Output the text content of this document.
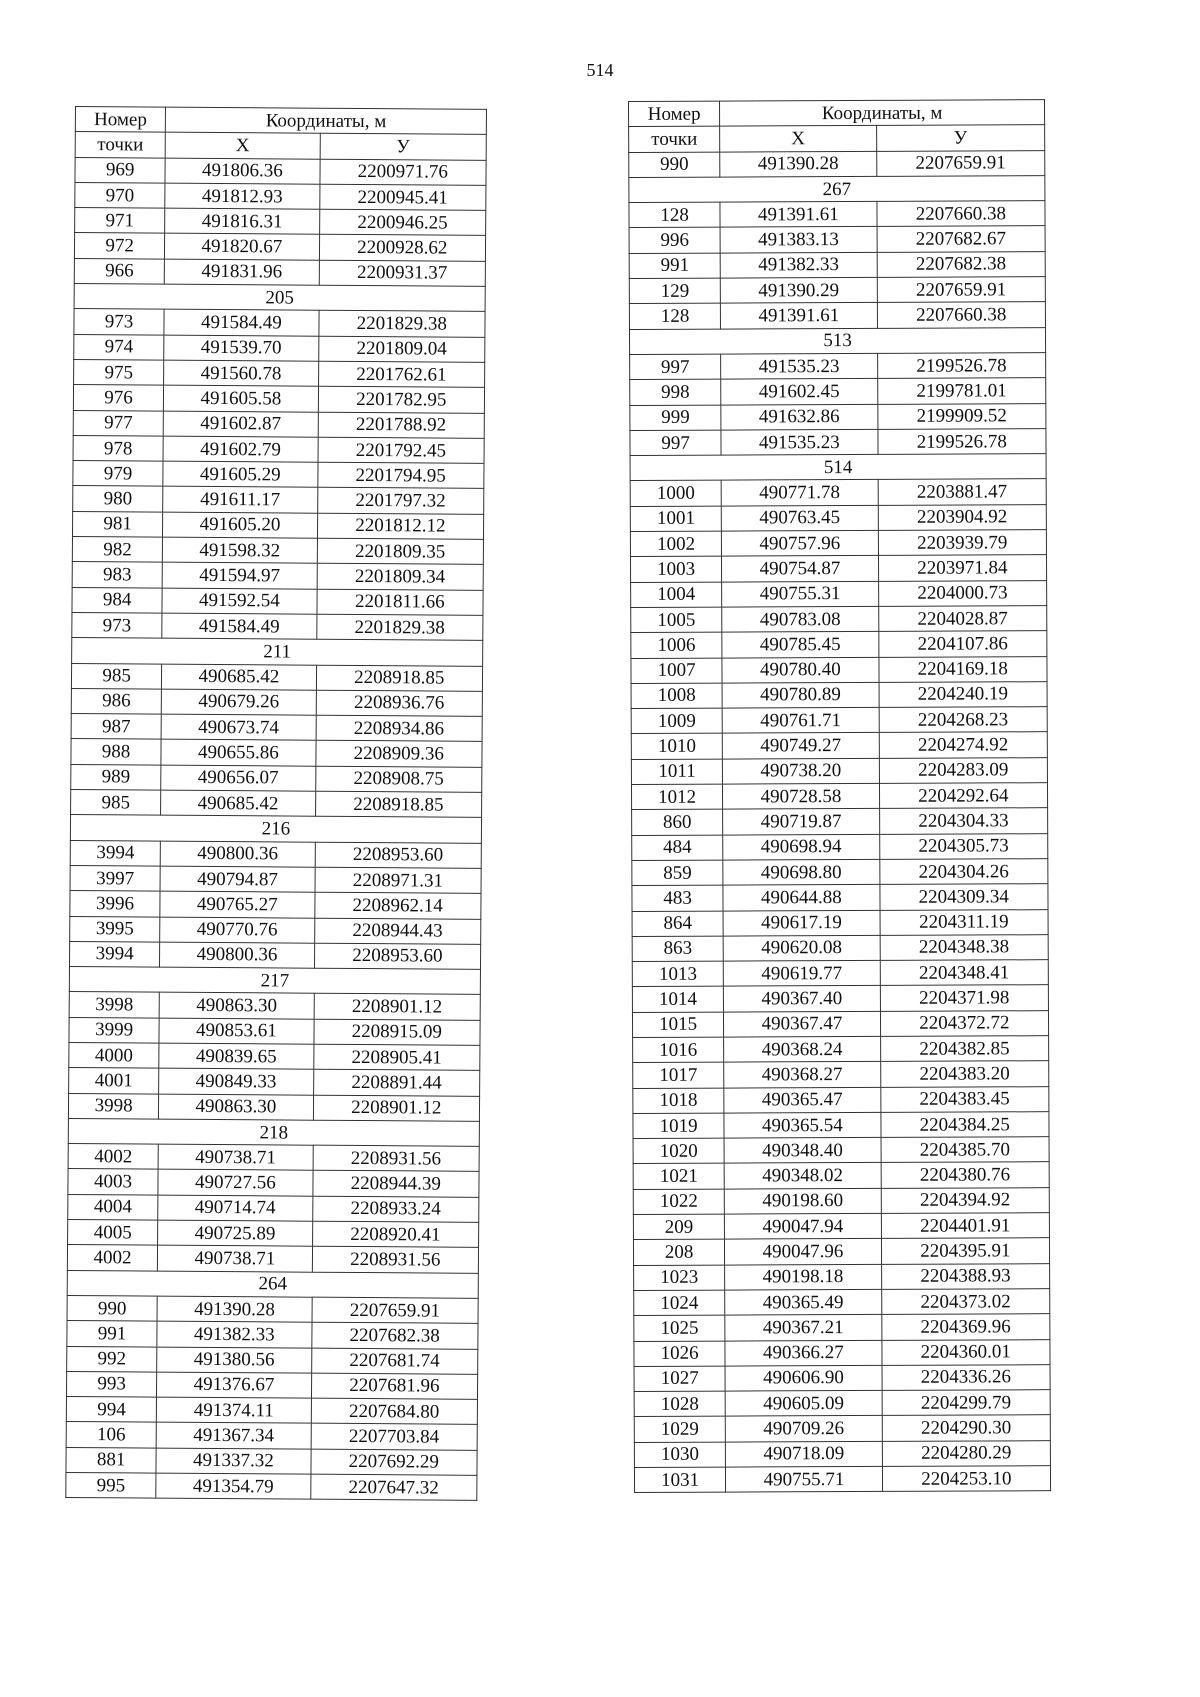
514
Номер	Координаты, м	
точки	X	У
969	491806.36	2200971.76
970	491812.93	2200945.41
971	491816.31	2200946.25
972	491820.67	2200928.62
966	491831.96	2200931.37
205		
973	491584.49	2201829.38
974	491539.70	2201809.04
975	491560.78	2201762.61
976	491605.58	2201782.95
977	491602.87	2201788.92
978	491602.79	2201792.45
979	491605.29	2201794.95
980	491611.17	2201797.32
981	491605.20	2201812.12
982	491598.32	2201809.35
983	491594.97	2201809.34
984	491592.54	2201811.66
973	491584.49	2201829.38
211		
985	490685.42	2208918.85
986	490679.26	2208936.76
987	490673.74	2208934.86
988	490655.86	2208909.36
989	490656.07	2208908.75
985	490685.42	2208918.85
216		
3994	490800.36	2208953.60
3997	490794.87	2208971.31
3996	490765.27	2208962.14
3995	490770.76	2208944.43
3994	490800.36	2208953.60
217		
3998	490863.30	2208901.12
3999	490853.61	2208915.09
4000	490839.65	2208905.41
4001	490849.33	2208891.44
3998	490863.30	2208901.12
218		
4002	490738.71	2208931.56
4003	490727.56	2208944.39
4004	490714.74	2208933.24
4005	490725.89	2208920.41
4002	490738.71	2208931.56
264		
990	491390.28	2207659.91
991	491382.33	2207682.38
992	491380.56	2207681.74
993	491376.67	2207681.96
994	491374.11	2207684.80
106	491367.34	2207703.84
881	491337.32	2207692.29
995	491354.79	2207647.32
Номер	Координаты, м	
точки	X	У
990	491390.28	2207659.91
267		
128	491391.61	2207660.38
996	491383.13	2207682.67
991	491382.33	2207682.38
129	491390.29	2207659.91
128	491391.61	2207660.38
513		
997	491535.23	2199526.78
998	491602.45	2199781.01
999	491632.86	2199909.52
997	491535.23	2199526.78
514		
1000	490771.78	2203881.47
1001	490763.45	2203904.92
1002	490757.96	2203939.79
1003	490754.87	2203971.84
1004	490755.31	2204000.73
1005	490783.08	2204028.87
1006	490785.45	2204107.86
1007	490780.40	2204169.18
1008	490780.89	2204240.19
1009	490761.71	2204268.23
1010	490749.27	2204274.92
1011	490738.20	2204283.09
1012	490728.58	2204292.64
860	490719.87	2204304.33
484	490698.94	2204305.73
859	490698.80	2204304.26
483	490644.88	2204309.34
864	490617.19	2204311.19
863	490620.08	2204348.38
1013	490619.77	2204348.41
1014	490367.40	2204371.98
1015	490367.47	2204372.72
1016	490368.24	2204382.85
1017	490368.27	2204383.20
1018	490365.47	2204383.45
1019	490365.54	2204384.25
1020	490348.40	2204385.70
1021	490348.02	2204380.76
1022	490198.60	2204394.92
209	490047.94	2204401.91
208	490047.96	2204395.91
1023	490198.18	2204388.93
1024	490365.49	2204373.02
1025	490367.21	2204369.96
1026	490366.27	2204360.01
1027	490606.90	2204336.26
1028	490605.09	2204299.79
1029	490709.26	2204290.30
1030	490718.09	2204280.29
1031	490755.71	2204253.10
